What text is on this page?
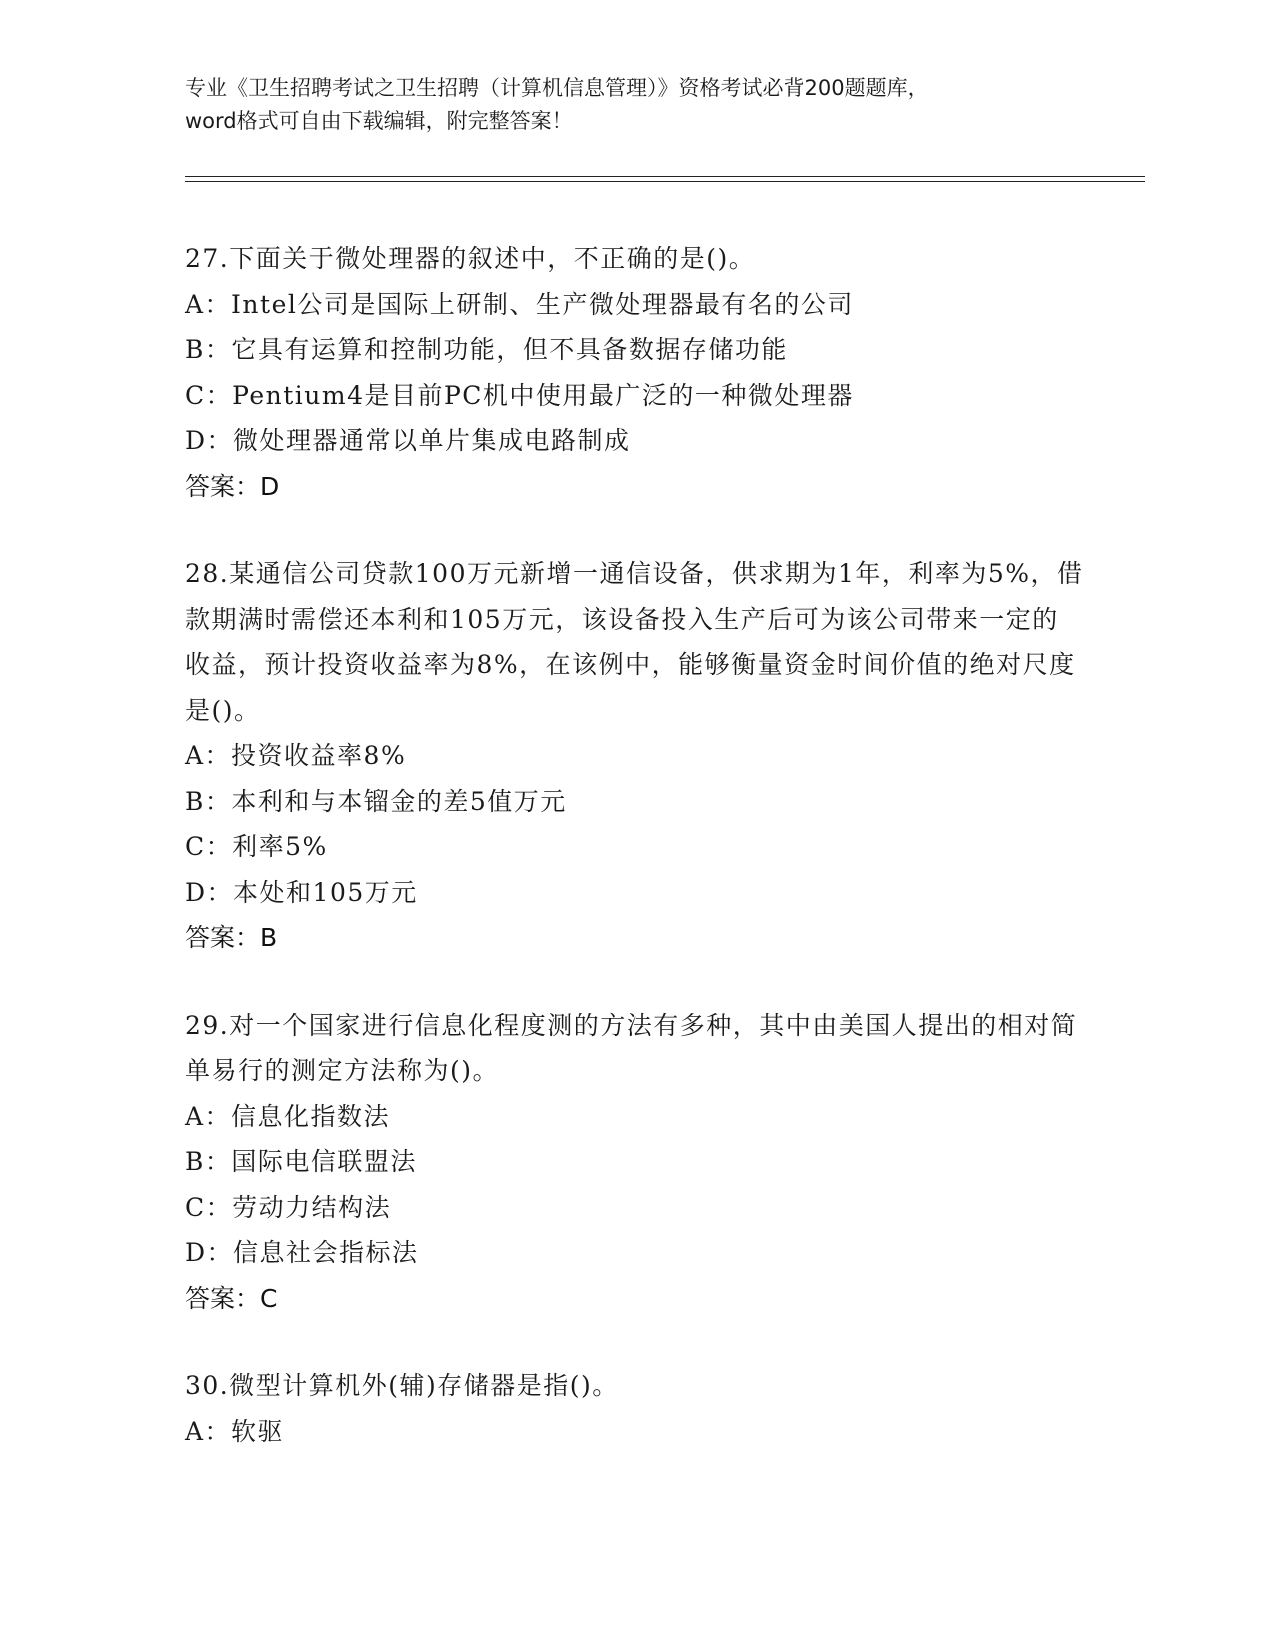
专业《卫生招聘考试之卫生招聘（计算机信息管理）》资格考试必背200题题库，
word格式可自由下载编辑，附完整答案！
27.下面关于微处理器的叙述中，不正确的是()。
A：Intel公司是国际上研制、生产微处理器最有名的公司
B：它具有运算和控制功能，但不具备数据存储功能
C：Pentium4是目前PC机中使用最广泛的一种微处理器
D：微处理器通常以单片集成电路制成
答案：D
28.某通信公司贷款100万元新增一通信设备，供求期为1年，利率为5%，借款期满时需偿还本利和105万元，该设备投入生产后可为该公司带来一定的收益，预计投资收益率为8%，在该例中，能够衡量资金时间价值的绝对尺度是()。
A：投资收益率8%
B：本利和与本镏金的差5值万元
C：利率5%
D：本处和105万元
答案：B
29.对一个国家进行信息化程度测的方法有多种，其中由美国人提出的相对简单易行的测定方法称为()。
A：信息化指数法
B：国际电信联盟法
C：劳动力结构法
D：信息社会指标法
答案：C
30.微型计算机外(辅)存储器是指()。
A：软驱
